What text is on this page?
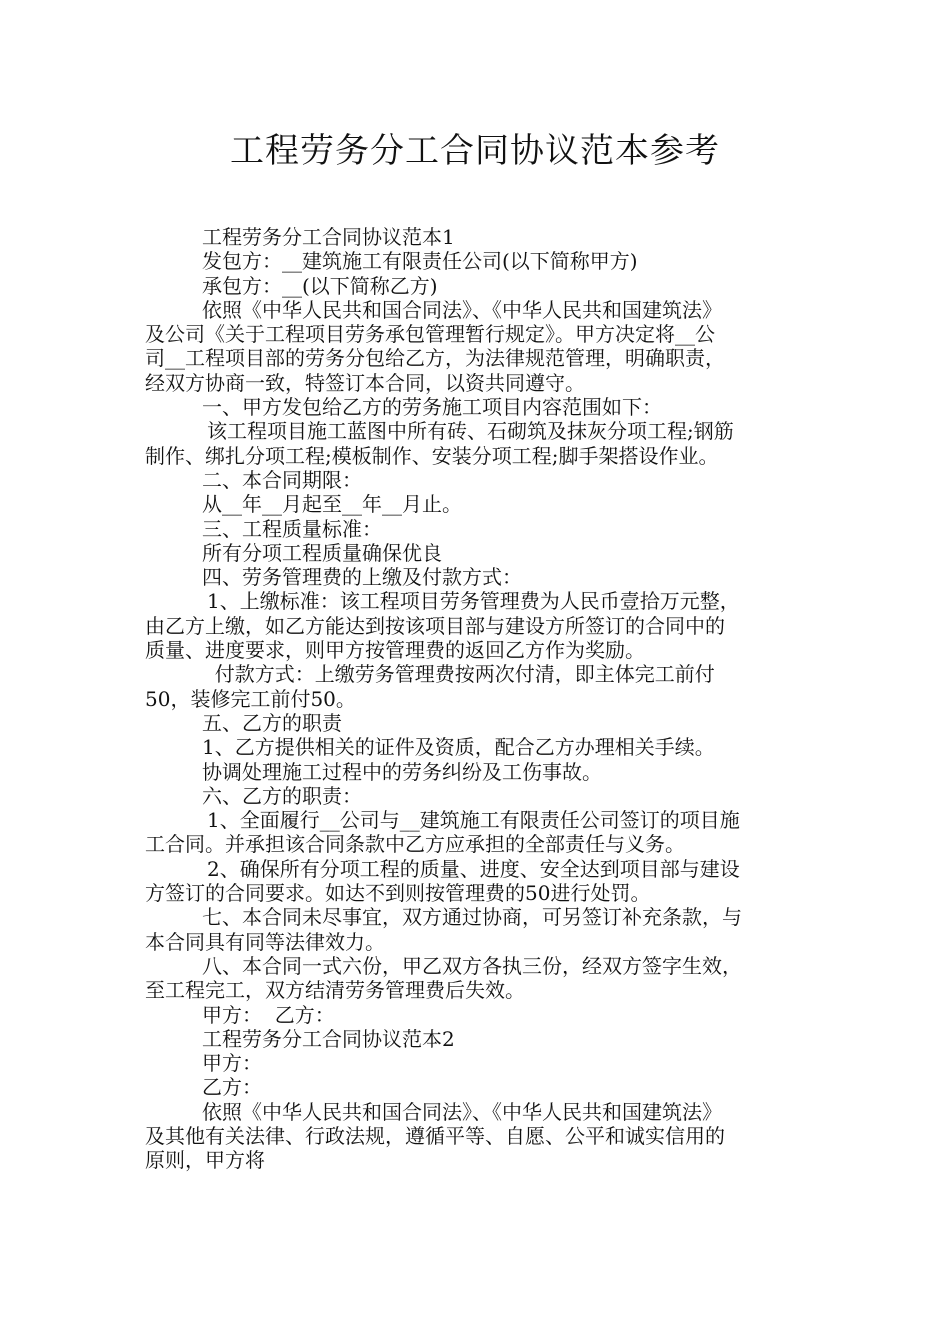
工程劳务分工合同协议范本参考
工程劳务分工合同协议范本1
发包方：__建筑施工有限责任公司(以下简称甲方)
承包方：__(以下简称乙方)
依照《中华人民共和国合同法》、《中华人民共和国建筑法》
及公司《关于工程项目劳务承包管理暂行规定》。甲方决定将__公
司__工程项目部的劳务分包给乙方，为法律规范管理，明确职责，
经双方协商一致，特签订本合同，以资共同遵守。
一、甲方发包给乙方的劳务施工项目内容范围如下：
该工程项目施工蓝图中所有砖、石砌筑及抹灰分项工程;钢筋
制作、绑扎分项工程;模板制作、安装分项工程;脚手架搭设作业。
二、本合同期限：
从__年__月起至__年__月止。
三、工程质量标准：
所有分项工程质量确保优良
四、劳务管理费的上缴及付款方式：
1、上缴标准：该工程项目劳务管理费为人民币壹拾万元整，
由乙方上缴，如乙方能达到按该项目部与建设方所签订的合同中的
质量、进度要求，则甲方按管理费的返回乙方作为奖励。
付款方式：上缴劳务管理费按两次付清，即主体完工前付
50，装修完工前付50。
五、乙方的职责
1、乙方提供相关的证件及资质，配合乙方办理相关手续。
协调处理施工过程中的劳务纠纷及工伤事故。
六、乙方的职责：
1、全面履行__公司与__建筑施工有限责任公司签订的项目施
工合同。并承担该合同条款中乙方应承担的全部责任与义务。
2、确保所有分项工程的质量、进度、安全达到项目部与建设
方签订的合同要求。如达不到则按管理费的50进行处罚。
七、本合同未尽事宜，双方通过协商，可另签订补充条款，与
本合同具有同等法律效力。
八、本合同一式六份，甲乙双方各执三份，经双方签字生效，
至工程完工，双方结清劳务管理费后失效。
甲方：  乙方：
工程劳务分工合同协议范本2
甲方：
乙方：
依照《中华人民共和国合同法》、《中华人民共和国建筑法》
及其他有关法律、行政法规，遵循平等、自愿、公平和诚实信用的
原则，甲方将
